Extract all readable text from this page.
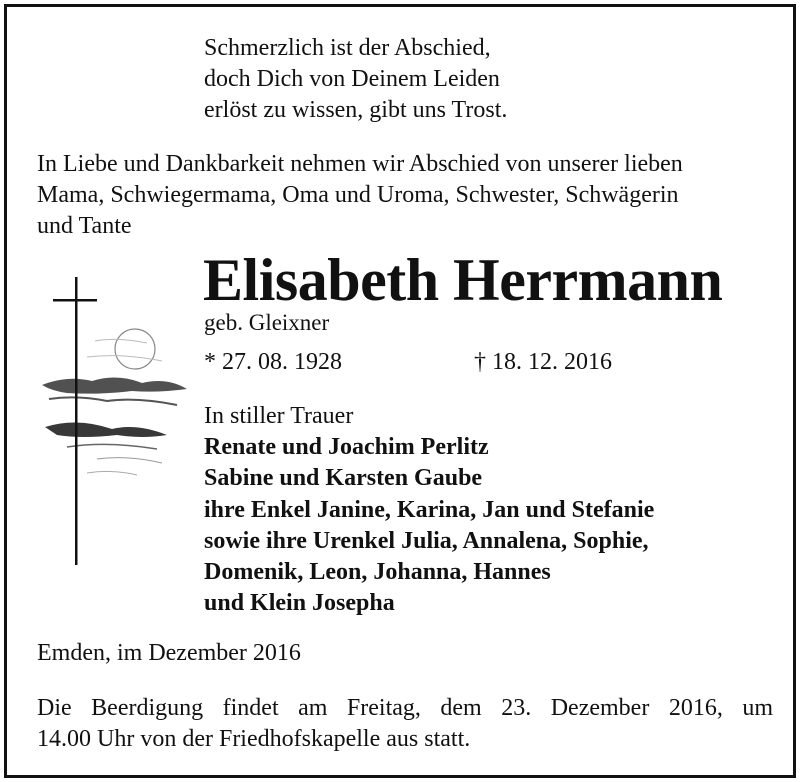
Schmerzlich ist der Abschied,
doch Dich von Deinem Leiden
erlöst zu wissen, gibt uns Trost.
In Liebe und Dankbarkeit nehmen wir Abschied von unserer lieben
Mama, Schwiegermama, Oma und Uroma, Schwester, Schwägerin
und Tante
Elisabeth Herrmann
geb. Gleixner
* 27. 08. 1928	† 18. 12. 2016
In stiller Trauer
Renate und Joachim Perlitz
Sabine und Karsten Gaube
ihre Enkel Janine, Karina, Jan und Stefanie
sowie ihre Urenkel Julia, Annalena, Sophie,
Domenik, Leon, Johanna, Hannes
und Klein Josepha
Emden, im Dezember 2016
Die Beerdigung findet am Freitag, dem 23. Dezember 2016, um
14.00 Uhr von der Friedhofskapelle aus statt.
